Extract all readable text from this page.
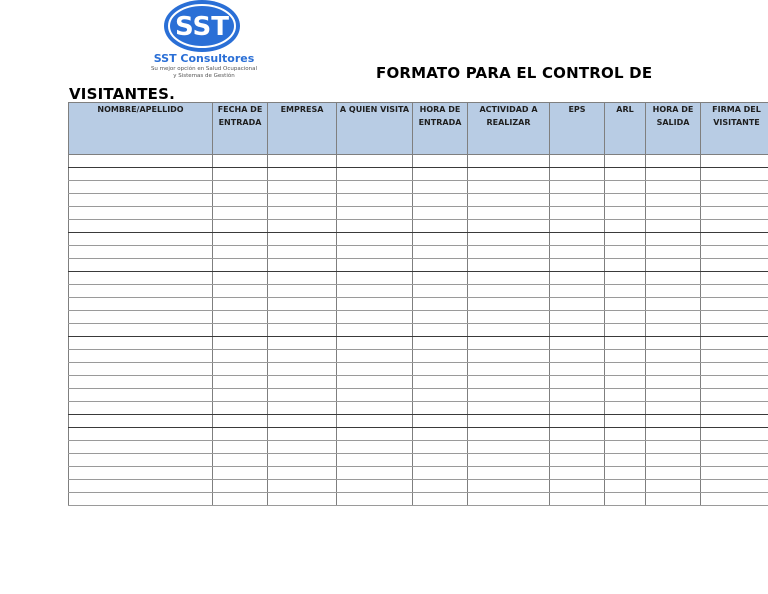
SST
SST Consultores
Su mejor opción en Salud Ocupacional
y Sistemas de Gestión	FORMATO PARA EL CONTROL DE
VISITANTES.
NOMBRE/APELLIDO	FECHA DE ENTRADA	EMPRESA	A QUIEN VISITA	HORA DE ENTRADA	ACTIVIDAD A REALIZAR	EPS	ARL	HORA DE SALIDA	FIRMA DEL VISITANTE
